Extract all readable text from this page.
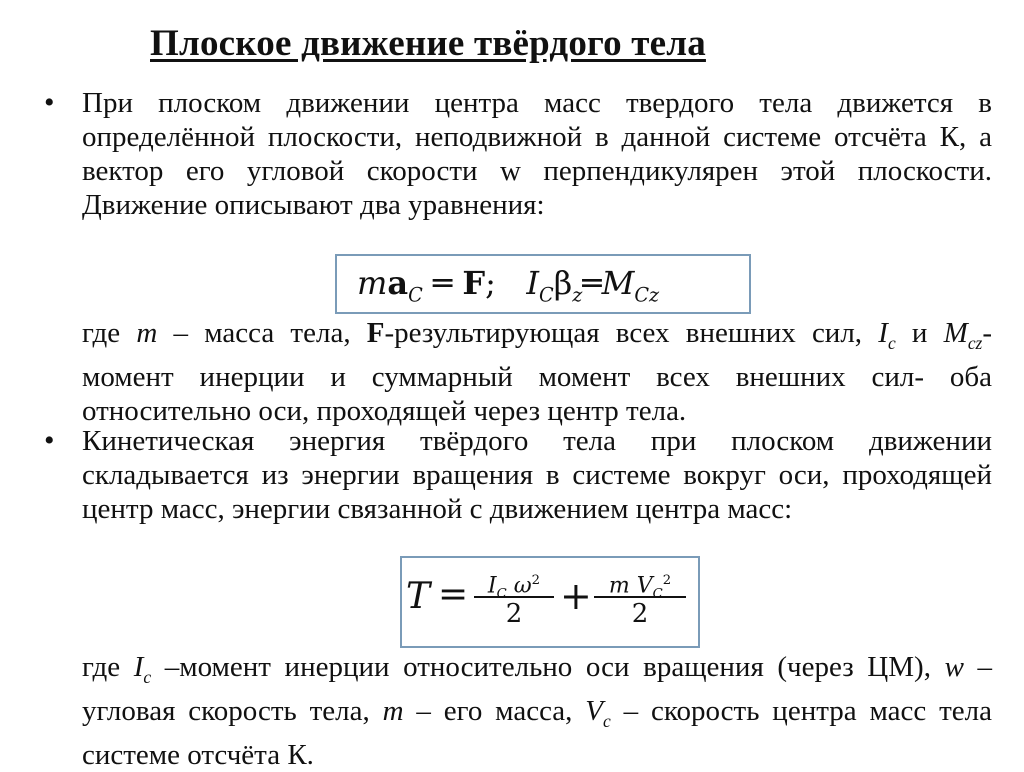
Плоское движение твёрдого тела
• При плоском движении центра масс твердого тела движется в определённой плоскости, неподвижной в данной системе отсчёта К, а вектор его угловой скорости w перпендикулярен этой плоскости. Движение описывают два уравнения:
$ma_C$ ═ F; $I_C\beta_z═M_{Cz}$
где m – масса тела, F-результирующая всех внешних сил, $I_c$ и $M_{cz}-$ момент инерции и суммарный момент всех внешних сил- оба относительно оси, проходящей через центр тела.
• Кинетическая энергия твёрдого тела при плоском движении складывается из энергии вращения в системе вокруг оси, проходящей центр масс, энергии связанной с движением центра масс:
$T = I_C$ $\omega^2$
2 + m $V_C^2$
2
где $I_c$ –момент инерции относительно оси вращения (через ЦМ), w – угловая скорость тела, m – его масса, $V_c$ – скорость центра масс тела системе отсчёта К.
